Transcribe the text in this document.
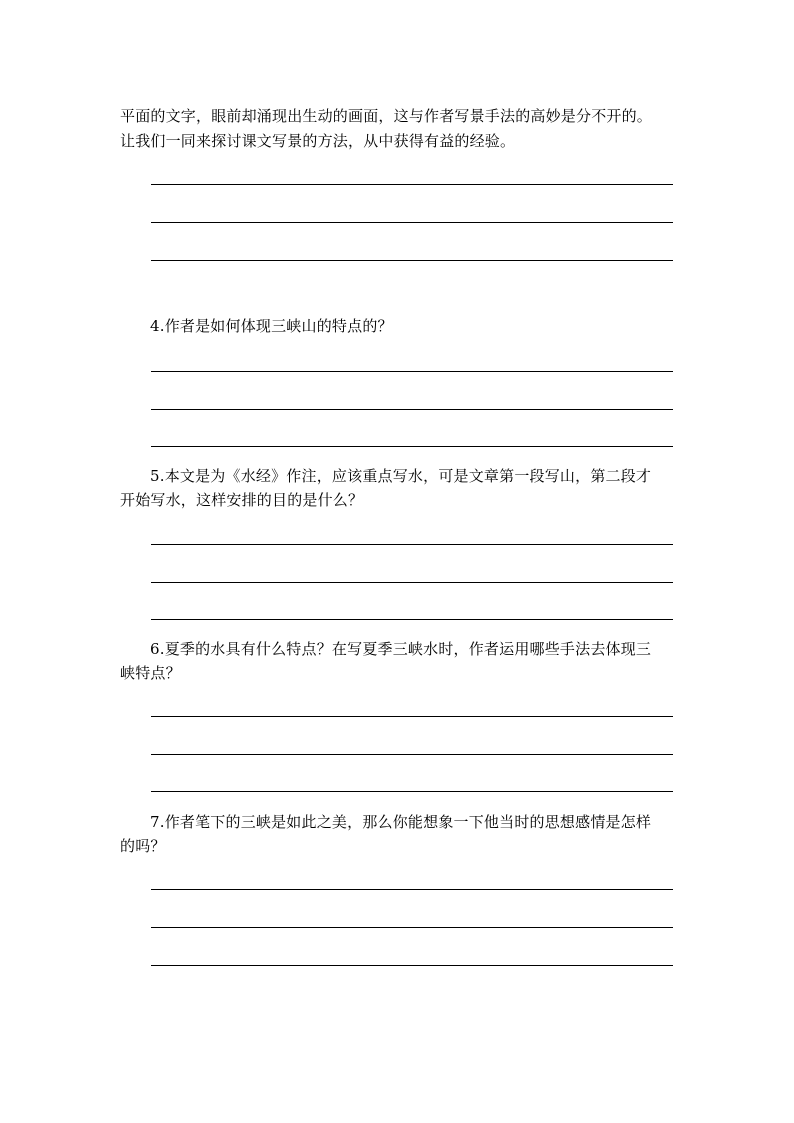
平面的文字，眼前却涌现出生动的画面，这与作者写景手法的高妙是分不开的。
让我们一同来探讨课文写景的方法，从中获得有益的经验。
4.作者是如何体现三峡山的特点的？
5.本文是为《水经》作注，应该重点写水，可是文章第一段写山，第二段才
开始写水，这样安排的目的是什么？
6.夏季的水具有什么特点？在写夏季三峡水时，作者运用哪些手法去体现三
峡特点？
7.作者笔下的三峡是如此之美，那么你能想象一下他当时的思想感情是怎样
的吗？
